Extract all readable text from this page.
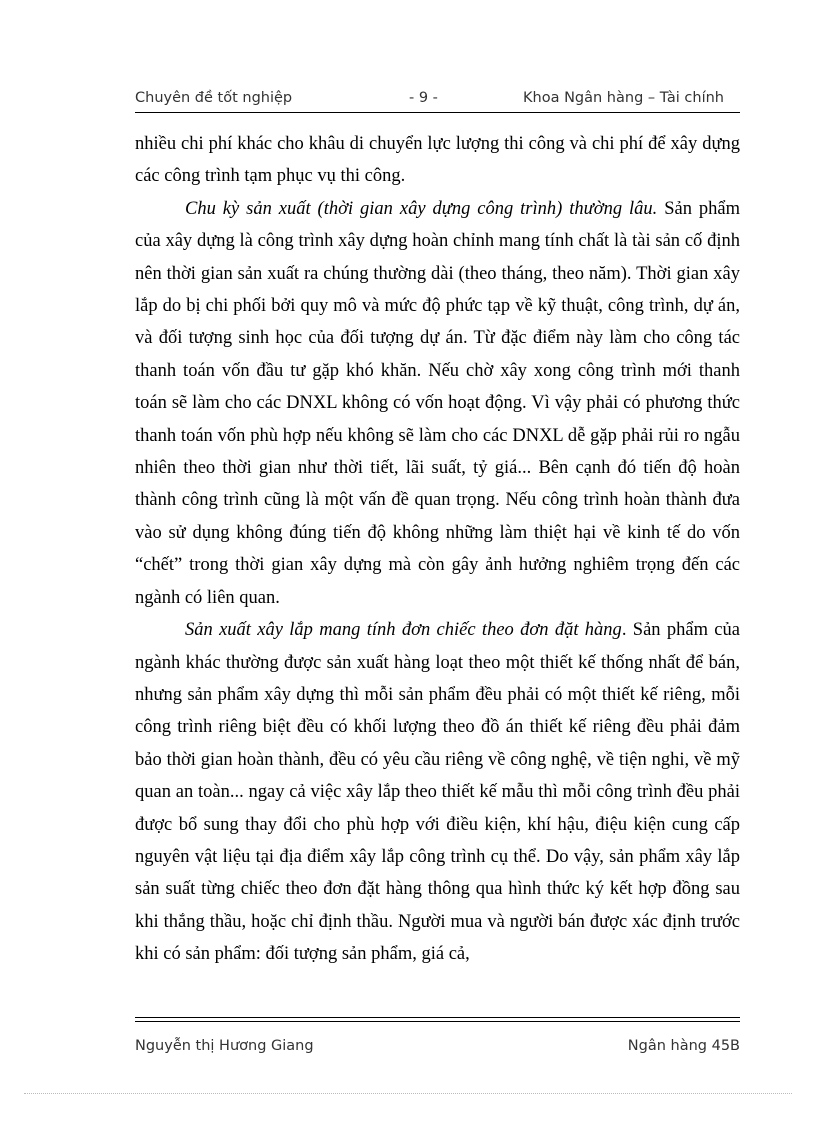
Chuyên đề tốt nghiệp	- 9 -	Khoa Ngân hàng – Tài chính

nhiều chi phí khác cho khâu di chuyển lực lượng thi công và chi phí để xây dựng các công trình tạm phục vụ thi công.

Chu kỳ sản xuất (thời gian xây dựng công trình) thường lâu. Sản phẩm của xây dựng là công trình xây dựng hoàn chỉnh mang tính chất là tài sản cố định nên thời gian sản xuất ra chúng thường dài (theo tháng, theo năm). Thời gian xây lắp do bị chi phối bởi quy mô và mức độ phức tạp về kỹ thuật, công trình, dự án, và đối tượng sinh học của đối tượng dự án. Từ đặc điểm này làm cho công tác thanh toán vốn đầu tư gặp khó khăn. Nếu chờ xây xong công trình mới thanh toán sẽ làm cho các DNXL không có vốn hoạt động. Vì vậy phải có phương thức thanh toán vốn phù hợp nếu không sẽ làm cho các DNXL dễ gặp phải rủi ro ngẫu nhiên theo thời gian như thời tiết, lãi suất, tỷ giá... Bên cạnh đó tiến độ hoàn thành công trình cũng là một vấn đề quan trọng. Nếu công trình hoàn thành đưa vào sử dụng không đúng tiến độ không những làm thiệt hại về kinh tế do vốn “chết” trong thời gian xây dựng mà còn gây ảnh hưởng nghiêm trọng đến các ngành có liên quan.

Sản xuất xây lắp mang tính đơn chiếc theo đơn đặt hàng. Sản phẩm của ngành khác thường được sản xuất hàng loạt theo một thiết kế thống nhất để bán, nhưng sản phẩm xây dựng thì mỗi sản phẩm đều phải có một thiết kế riêng, mỗi công trình riêng biệt đều có khối lượng theo đồ án thiết kế riêng đều phải đảm bảo thời gian hoàn thành, đều có yêu cầu riêng về công nghệ, về tiện nghi, về mỹ quan an toàn... ngay cả việc xây lắp theo thiết kế mẫu thì mỗi công trình đều phải được bổ sung thay đổi cho phù hợp với điều kiện, khí hậu, điệu kiện cung cấp nguyên vật liệu tại địa điểm xây lắp công trình cụ thể. Do vậy, sản phẩm xây lắp sản suất từng chiếc theo đơn đặt hàng thông qua hình thức ký kết hợp đồng sau khi thắng thầu, hoặc chỉ định thầu. Người mua và người bán được xác định trước khi có sản phẩm: đối tượng sản phẩm, giá cả,

Nguyễn thị Hương Giang	Ngân hàng 45B
